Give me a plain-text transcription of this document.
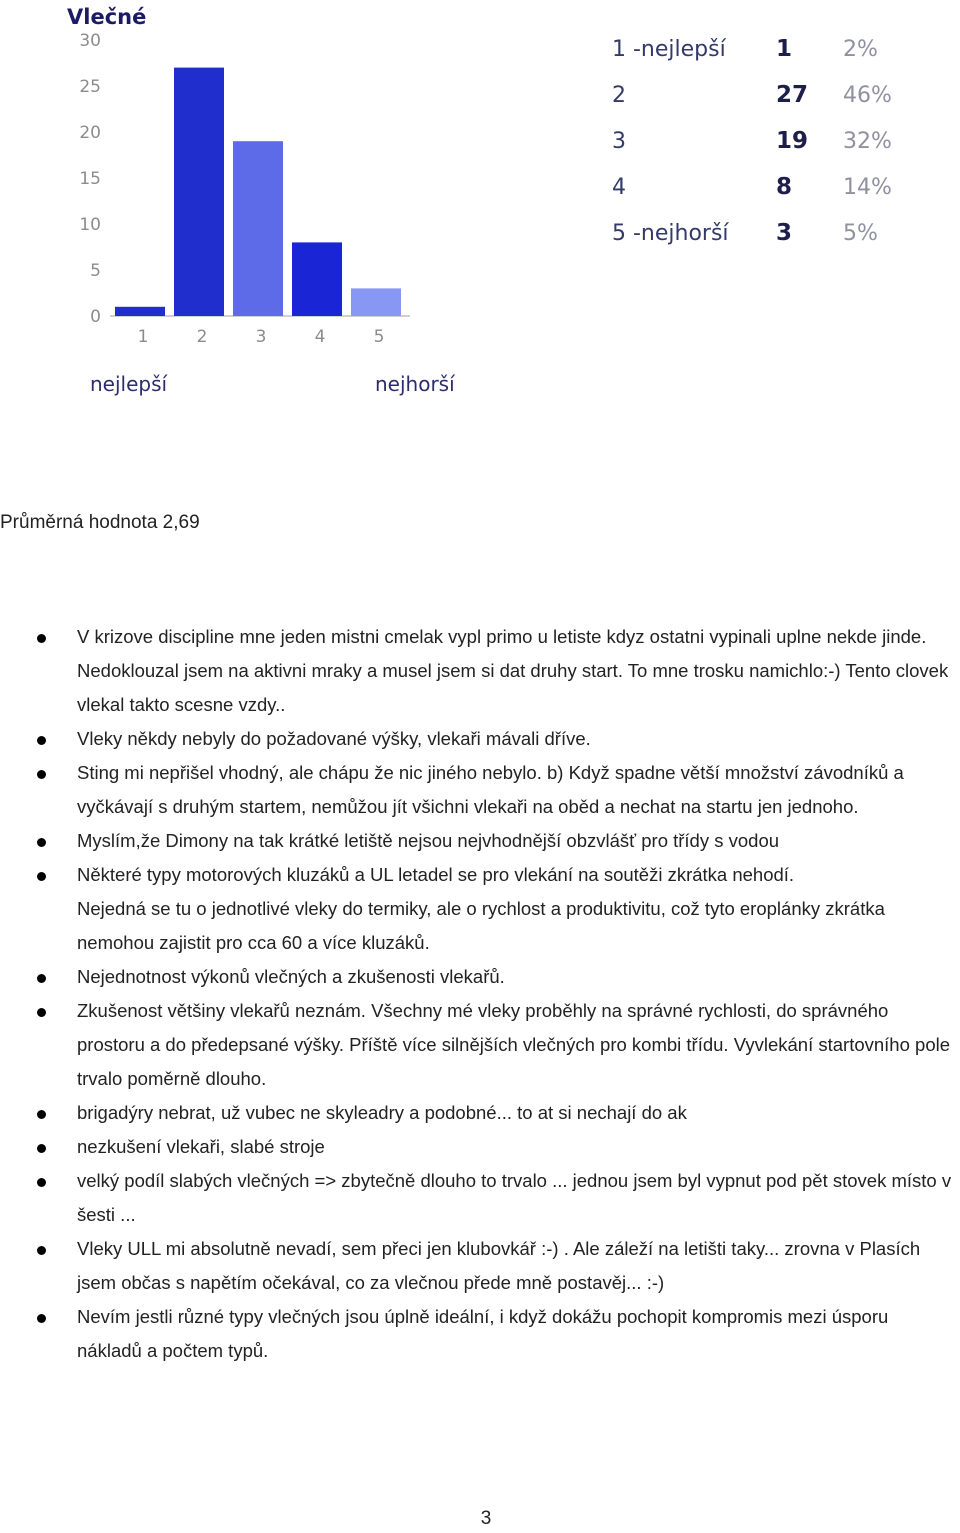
Vlečné
0
5
10
15
20
25
30
1	2	3	4	5
nejlepší	nejhorší
1 -nejlepší 1 2%
2	27 46%
3	19 32%
4	8 14%
5 -nejhorší 3 5%

Průměrná hodnota 2,69

V krizove discipline mne jeden mistni cmelak vypl primo u letiste kdyz ostatni vypinali uplne nekde jinde. Nedoklouzal jsem na aktivni mraky a musel jsem si dat druhy start. To mne trosku namichlo:-) Tento clovek vlekal takto scesne vzdy..
Vleky někdy nebyly do požadované výšky, vlekaři mávali dříve.
Sting mi nepřišel vhodný, ale chápu že nic jiného nebylo. b) Když spadne větší množství závodníků a vyčkávají s druhým startem, nemůžou jít všichni vlekaři na oběd a nechat na startu jen jednoho.
Myslím,že Dimony na tak krátké letiště nejsou nejvhodnější obzvlášť pro třídy s vodou
Některé typy motorových kluzáků a UL letadel se pro vlekání na soutěži zkrátka nehodí.
Nejedná se tu o jednotlivé vleky do termiky, ale o rychlost a produktivitu, což tyto eroplánky zkrátka nemohou zajistit pro cca 60 a více kluzáků.
Nejednotnost výkonů vlečných a zkušenosti vlekařů.
Zkušenost většiny vlekařů neznám. Všechny mé vleky proběhly na správné rychlosti, do správného prostoru a do předepsané výšky. Příště více silnějších vlečných pro kombi třídu. Vyvlekání startovního pole trvalo poměrně dlouho.
brigadýry nebrat, už vubec ne skyleadry a podobné... to at si nechají do ak
nezkušení vlekaři, slabé stroje
velký podíl slabých vlečných => zbytečně dlouho to trvalo ... jednou jsem byl vypnut pod pět stovek místo v šesti ...
Vleky ULL mi absolutně nevadí, sem přeci jen klubovkář :-) . Ale záleží na letišti taky... zrovna v Plasích jsem občas s napětím očekával, co za vlečnou přede mně postavěj... :-)
Nevím jestli různé typy vlečných jsou úplně ideální, i když dokážu pochopit kompromis mezi úsporu nákladů a počtem typů.
3
